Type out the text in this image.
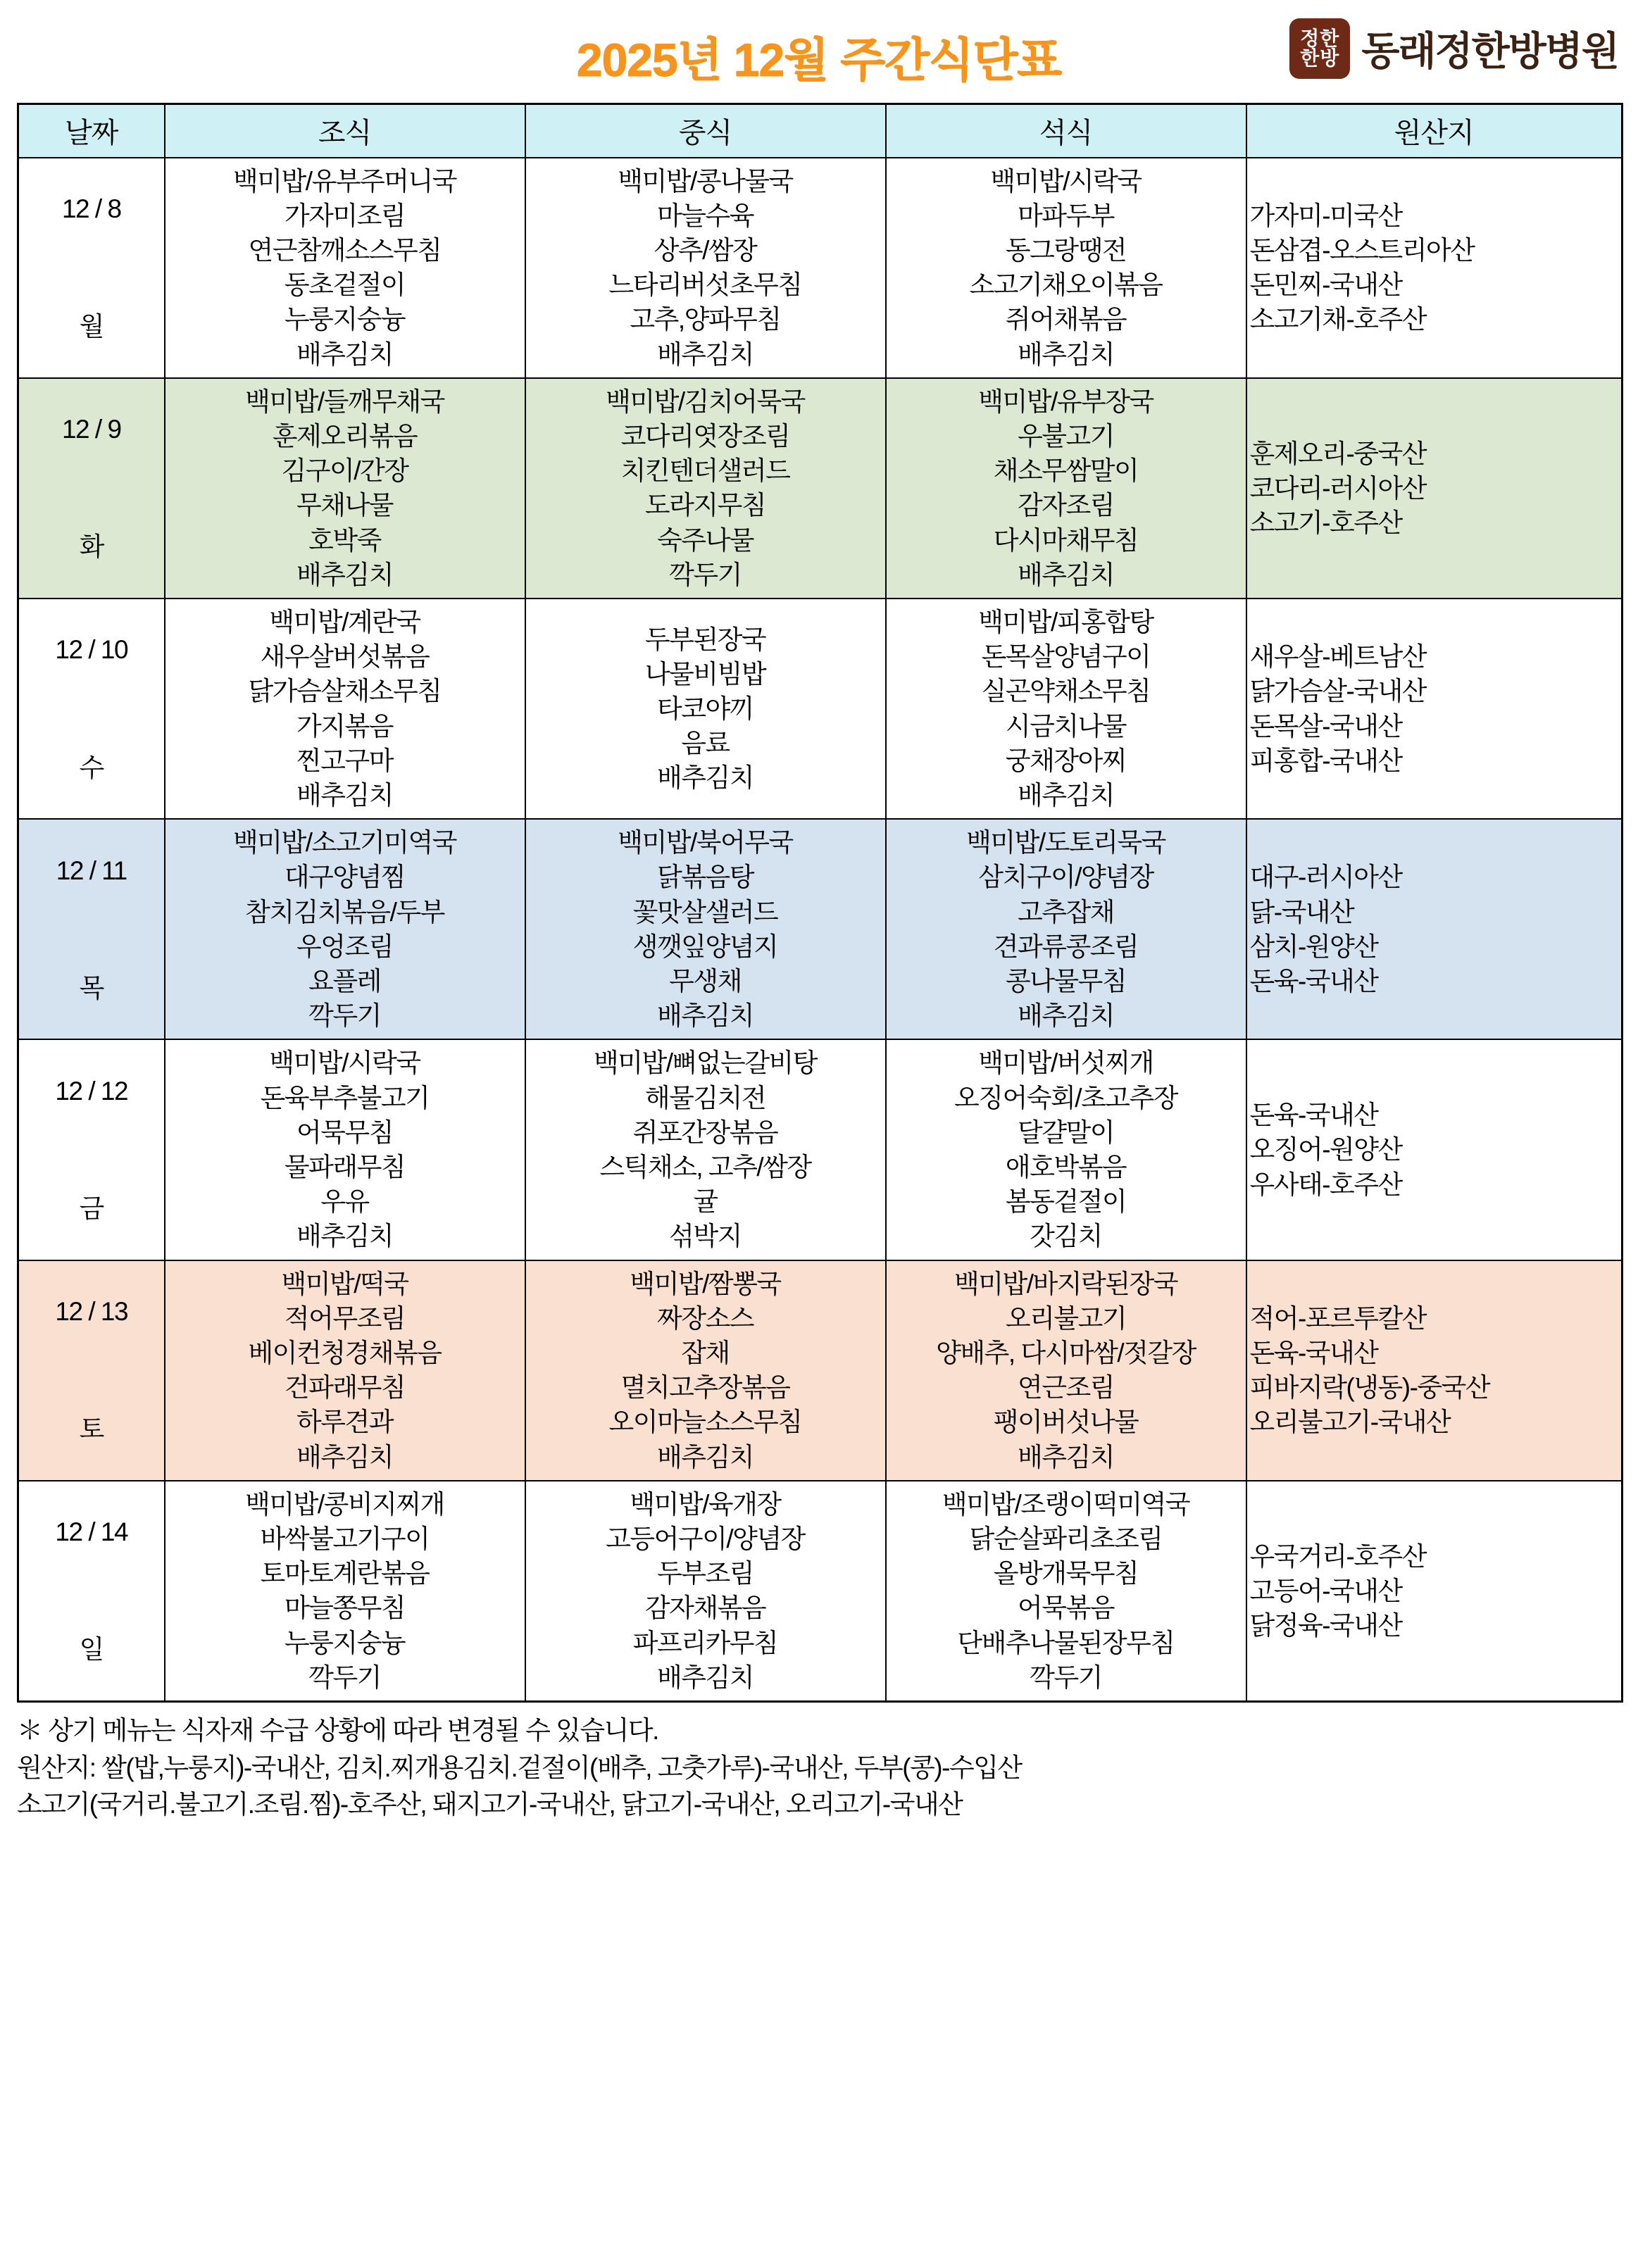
2025년 12월 주간식단표	정한
한방 동래정한방병원
날짜	조식	중식	석식	원산지

12 / 8
월

백미밥/유부주머니국
가자미조림
연근참깨소스무침
동초겉절이
누룽지숭늉
배추김치

백미밥/콩나물국
마늘수육
상추/쌈장
느타리버섯초무침
고추,양파무침
배추김치

백미밥/시락국
마파두부
동그랑땡전
소고기채오이볶음
쥐어채볶음
배추김치

가자미-미국산
돈삼겹-오스트리아산
돈민찌-국내산
소고기채-호주산

12 / 9
화

백미밥/들깨무채국
훈제오리볶음
김구이/간장
무채나물
호박죽
배추김치

백미밥/김치어묵국
코다리엿장조림
치킨텐더샐러드
도라지무침
숙주나물
깍두기

백미밥/유부장국
우불고기
채소무쌈말이
감자조림
다시마채무침
배추김치

훈제오리-중국산
코다리-러시아산
소고기-호주산

12 / 10
수

백미밥/계란국
새우살버섯볶음
닭가슴살채소무침
가지볶음
찐고구마
배추김치

두부된장국
나물비빔밥
타코야끼
음료
배추김치

백미밥/피홍합탕
돈목살양념구이
실곤약채소무침
시금치나물
궁채장아찌
배추김치

새우살-베트남산
닭가슴살-국내산
돈목살-국내산
피홍합-국내산

12 / 11
목

백미밥/소고기미역국
대구양념찜
참치김치볶음/두부
우엉조림
요플레
깍두기

백미밥/북어무국
닭볶음탕
꽃맛살샐러드
생깻잎양념지
무생채
배추김치

백미밥/도토리묵국
삼치구이/양념장
고추잡채
견과류콩조림
콩나물무침
배추김치

대구-러시아산
닭-국내산
삼치-원양산
돈육-국내산

12 / 12
금

백미밥/시락국
돈육부추불고기
어묵무침
물파래무침
우유
배추김치

백미밥/뼈없는갈비탕
해물김치전
쥐포간장볶음
스틱채소, 고추/쌈장
귤
섞박지

백미밥/버섯찌개
오징어숙회/초고추장
달걀말이
애호박볶음
봄동겉절이
갓김치

돈육-국내산
오징어-원양산
우사태-호주산

12 / 13
토

백미밥/떡국
적어무조림
베이컨청경채볶음
건파래무침
하루견과
배추김치

백미밥/짬뽕국
짜장소스
잡채
멸치고추장볶음
오이마늘소스무침
배추김치

백미밥/바지락된장국
오리불고기
양배추, 다시마쌈/젓갈장
연근조림
팽이버섯나물
배추김치

적어-포르투칼산
돈육-국내산
피바지락(냉동)-중국산
오리불고기-국내산

12 / 14
일

백미밥/콩비지찌개
바싹불고기구이
토마토계란볶음
마늘쫑무침
누룽지숭늉
깍두기

백미밥/육개장
고등어구이/양념장
두부조림
감자채볶음
파프리카무침
배추김치

백미밥/조랭이떡미역국
닭순살퐈리초조림
올방개묵무침
어묵볶음
단배추나물된장무침
깍두기

우국거리-호주산
고등어-국내산
닭정육-국내산
＊ 상기 메뉴는 식자재 수급 상황에 따라 변경될 수 있습니다.
원산지: 쌀(밥,누룽지)-국내산, 김치.찌개용김치.겉절이(배추, 고춧가루)-국내산, 두부(콩)-수입산
소고기(국거리.불고기.조림.찜)-호주산, 돼지고기-국내산, 닭고기-국내산, 오리고기-국내산
